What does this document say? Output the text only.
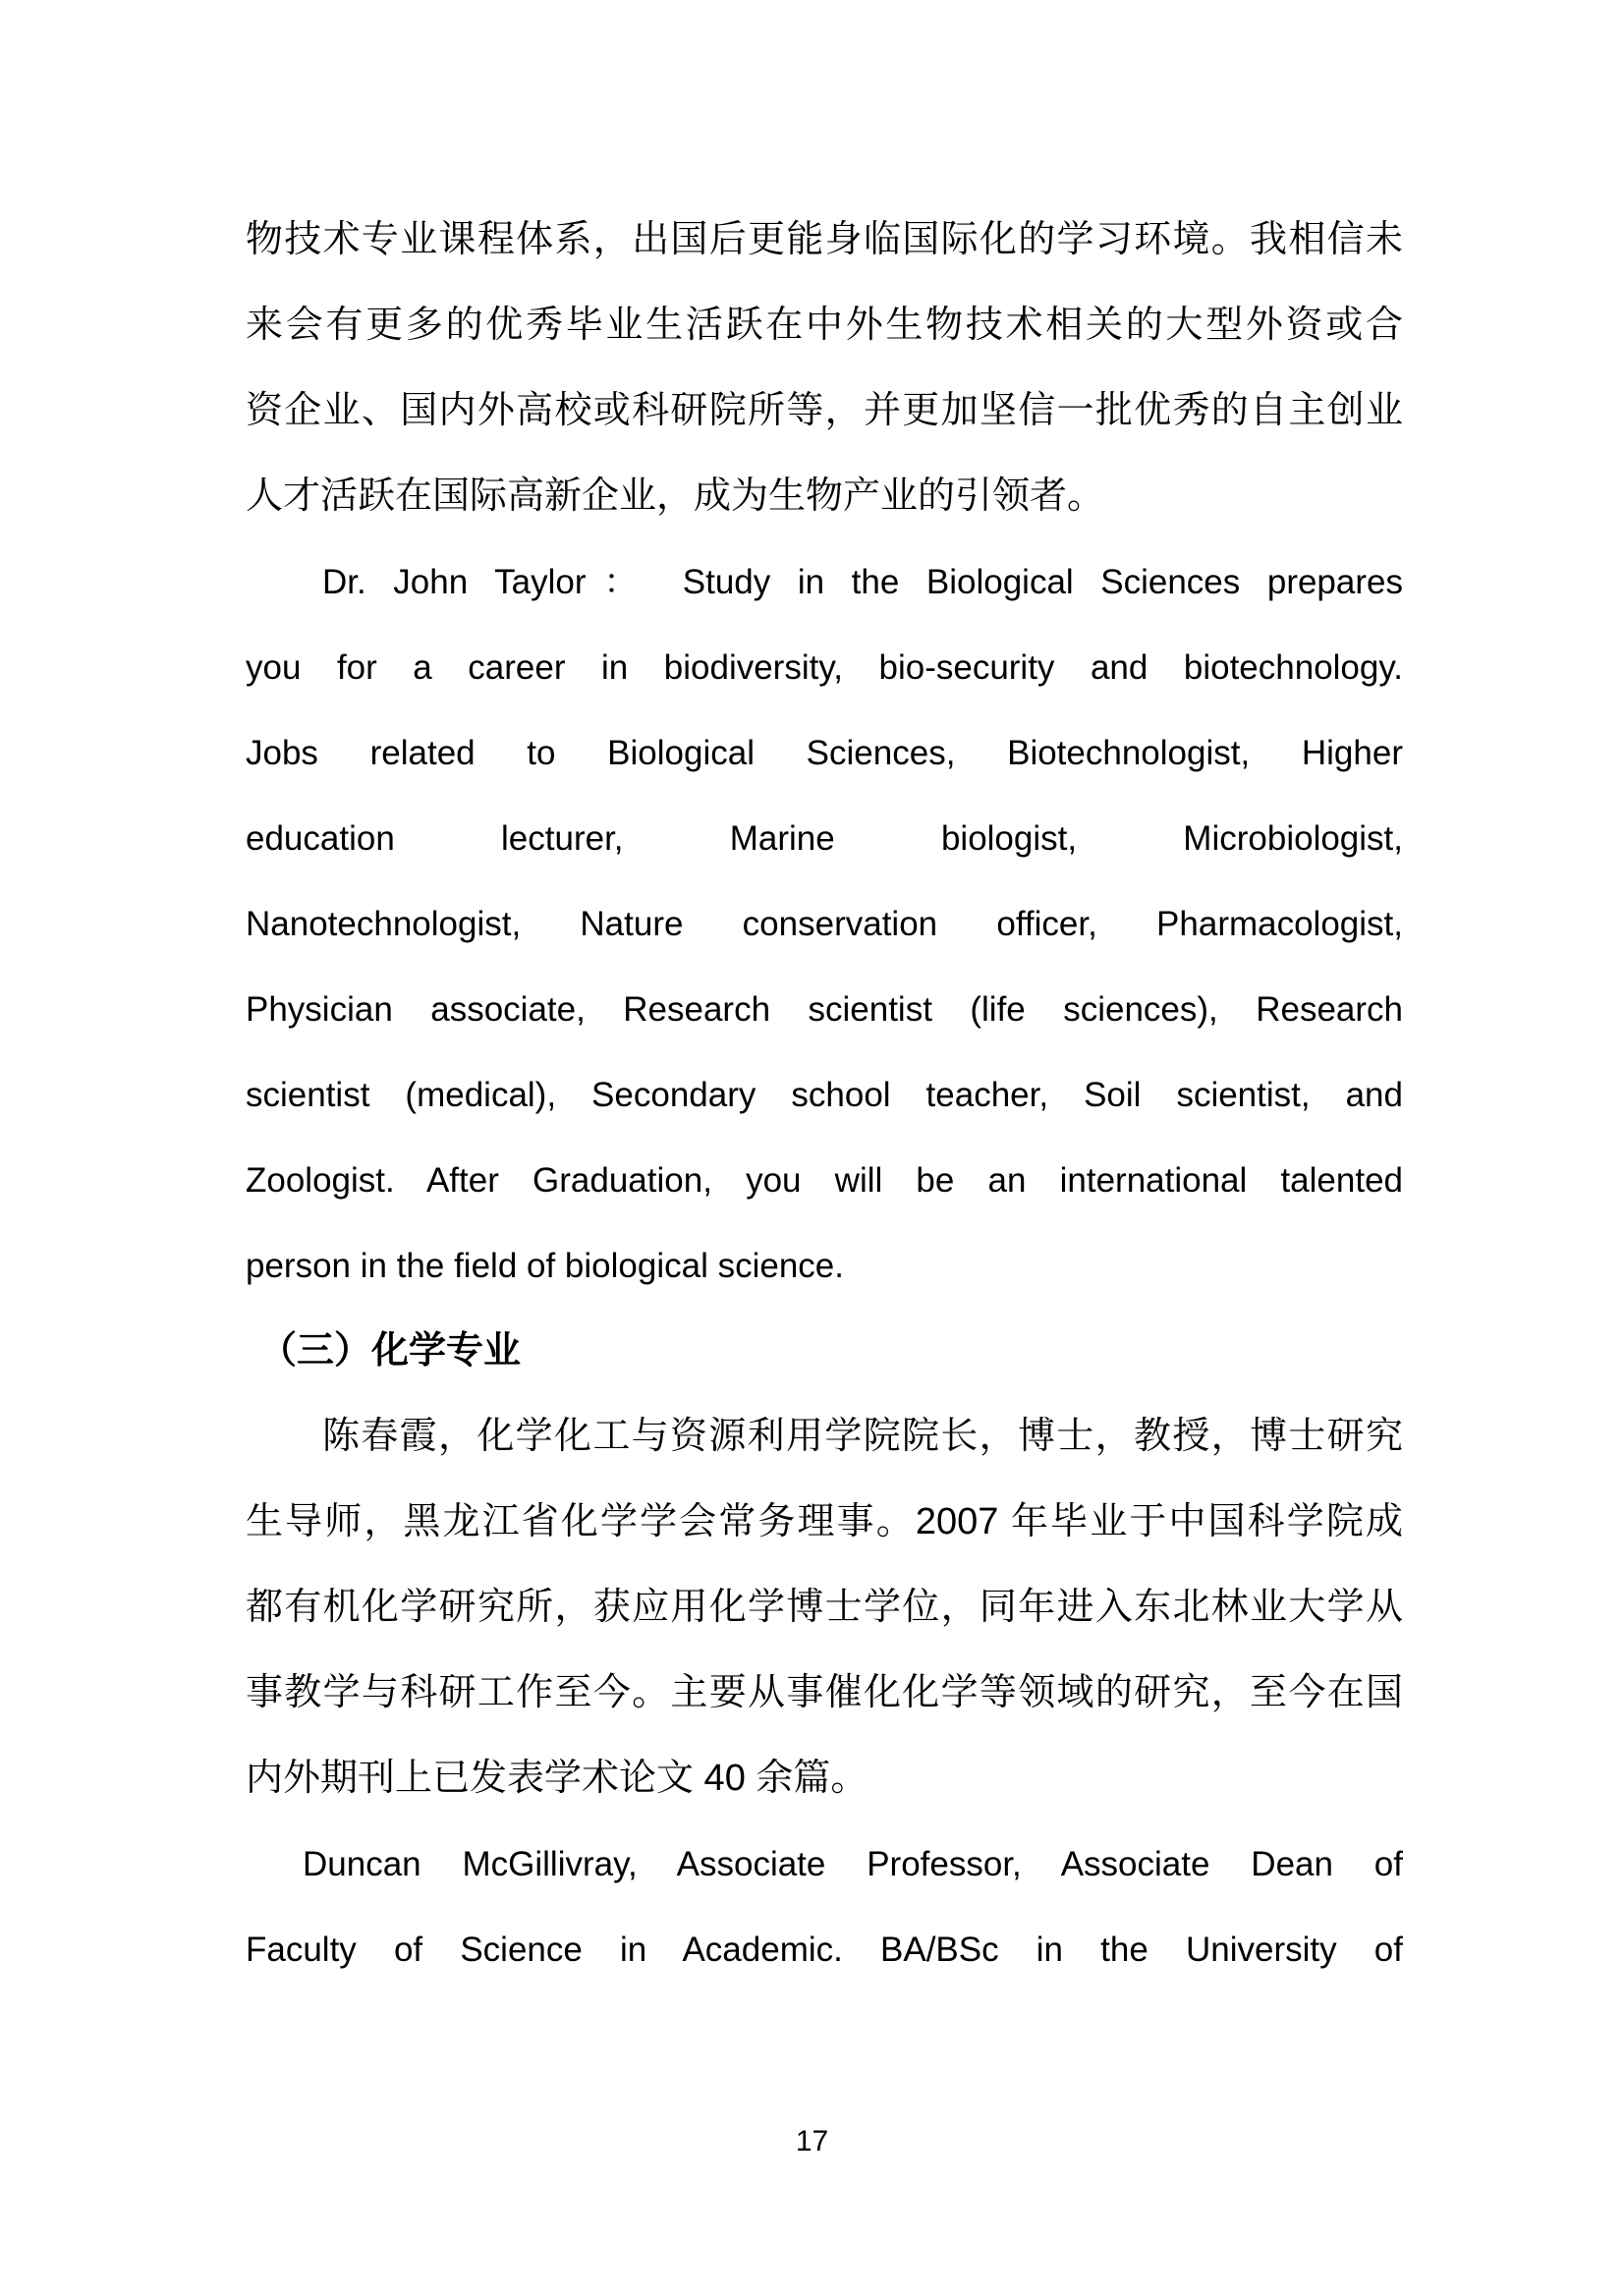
物技术专业课程体系，出国后更能身临国际化的学习环境。我相信未
来会有更多的优秀毕业生活跃在中外生物技术相关的大型外资或合
资企业、国内外高校或科研院所等，并更加坚信一批优秀的自主创业
人才活跃在国际高新企业，成为生物产业的引领者。
Dr. John Taylor： Study in the Biological Sciences prepares
you for a career in biodiversity, bio-security and biotechnology.
Jobs related to Biological Sciences, Biotechnologist, Higher
education lecturer, Marine biologist, Microbiologist,
Nanotechnologist, Nature conservation officer, Pharmacologist,
Physician associate, Research scientist (life sciences), Research
scientist (medical), Secondary school teacher, Soil scientist, and
Zoologist. After Graduation, you will be an international talented
person in the field of biological science.
（三）化学专业
陈春霞，化学化工与资源利用学院院长，博士，教授，博士研究
生导师，黑龙江省化学学会常务理事。2007 年毕业于中国科学院成
都有机化学研究所，获应用化学博士学位，同年进入东北林业大学从
事教学与科研工作至今。主要从事催化化学等领域的研究，至今在国
内外期刊上已发表学术论文 40 余篇。
Duncan McGillivray, Associate Professor, Associate Dean of
Faculty of Science in Academic. BA/BSc in the University of
17
